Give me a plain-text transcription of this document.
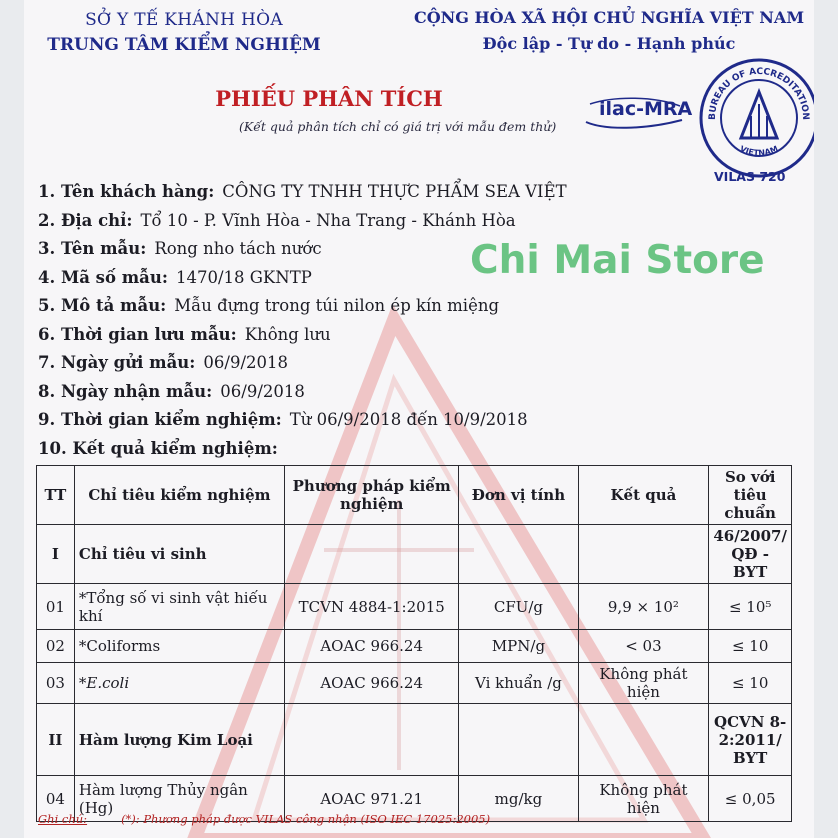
SỞ Y TẾ KHÁNH HÒA
TRUNG TÂM KIỂM NGHIỆM
CỘNG HÒA XÃ HỘI CHỦ NGHĨA VIỆT NAM
Độc lập - Tự do - Hạnh phúc
PHIẾU PHÂN TÍCH
(Kết quả phân tích chỉ có giá trị với mẫu đem thử)
ilac-MRA BUREAU OF ACCREDITATION
VIETNAM
VILAS 720
Chi Mai Store
1. Tên khách hàng: CÔNG TY TNHH THỰC PHẨM SEA VIỆT
2. Địa chỉ: Tổ 10 - P. Vĩnh Hòa - Nha Trang - Khánh Hòa
3. Tên mẫu: Rong nho tách nước
4. Mã số mẫu: 1470/18 GKNTP
5. Mô tả mẫu: Mẫu đựng trong túi nilon ép kín miệng
6. Thời gian lưu mẫu: Không lưu
7. Ngày gửi mẫu: 06/9/2018
8. Ngày nhận mẫu: 06/9/2018
9. Thời gian kiểm nghiệm: Từ 06/9/2018 đến 10/9/2018
10. Kết quả kiểm nghiệm:
TT	Chỉ tiêu kiểm nghiệm	Phương pháp kiểm nghiệm	Đơn vị tính	Kết quả	So với tiêu chuẩn
I	Chỉ tiêu vi sinh				46/2007/ QĐ - BYT
01	*Tổng số vi sinh vật hiếu khí	TCVN 4884-1:2015	CFU/g	9,9 × 10²	≤ 10⁵
02	*Coliforms	AOAC 966.24	MPN/g	< 03	≤ 10
03	*E.coli	AOAC 966.24	Vi khuẩn /g	Không phát hiện	≤ 10
II	Hàm lượng Kim Loại				QCVN 8-2:2011/ BYT
04	Hàm lượng Thủy ngân (Hg)	AOAC 971.21	mg/kg	Không phát hiện	≤ 0,05
Ghi chú:	(*): Phương pháp được VILAS công nhận (ISO IEC 17025:2005)
